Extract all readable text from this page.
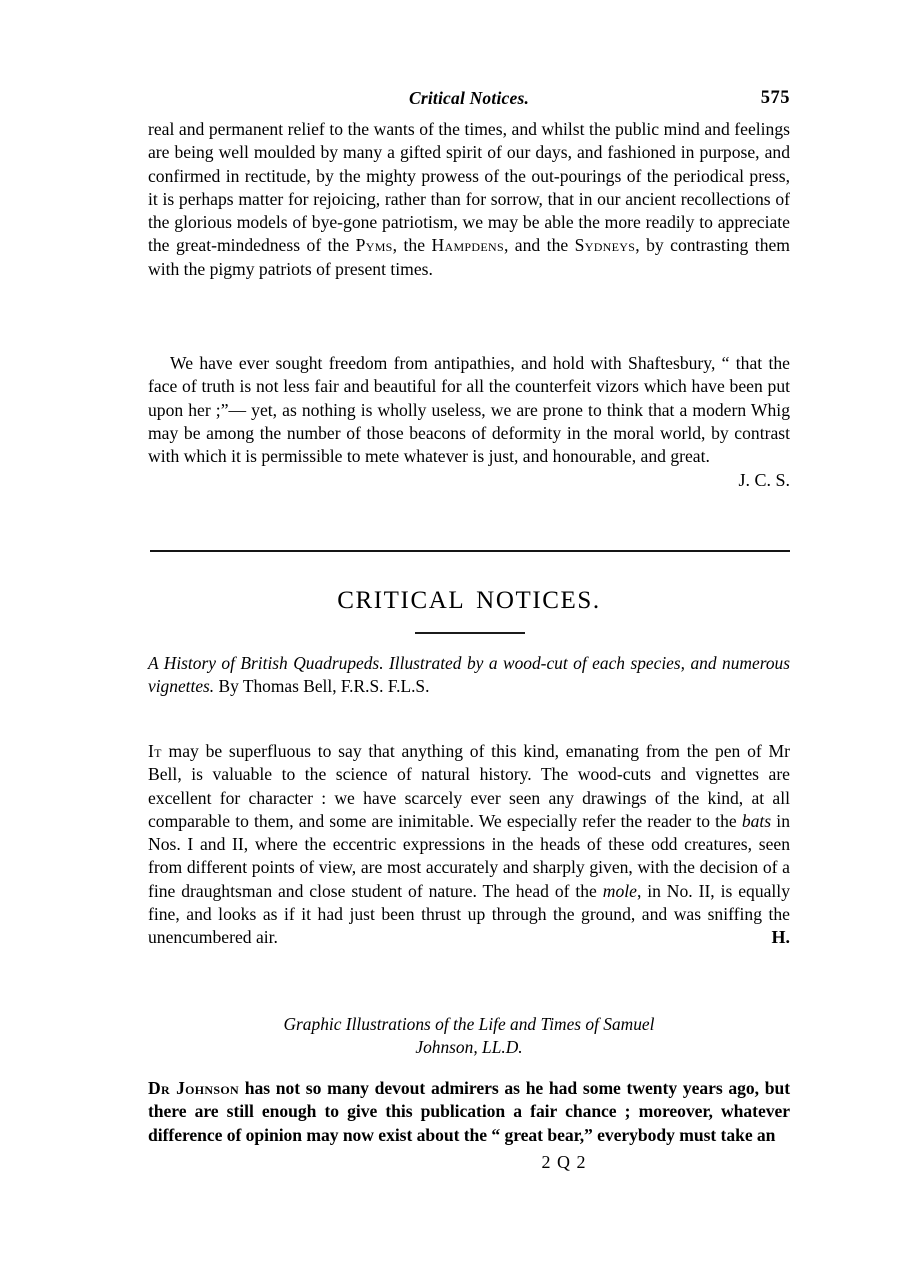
Critical Notices.	575

real and permanent relief to the wants of the times, and whilst the public mind and feelings are being well moulded by many a gifted spirit of our days, and fashioned in purpose, and confirmed in rectitude, by the mighty prowess of the out-pourings of the periodical press, it is perhaps matter for rejoicing, rather than for sorrow, that in our ancient recollections of the glorious models of bye-gone patriotism, we may be able the more readily to appreciate the great-mindedness of the Pyms, the Hampdens, and the Sydneys, by contrasting them with the pigmy patriots of present times.

We have ever sought freedom from antipathies, and hold with Shaftesbury, “ that the face of truth is not less fair and beautiful for all the counterfeit vizors which have been put upon her ;”— yet, as nothing is wholly useless, we are prone to think that a modern Whig may be among the number of those beacons of deformity in the moral world, by contrast with which it is permissible to mete whatever is just, and honourable, and great.

J. C. S.
CRITICAL NOTICES.
A History of British Quadrupeds. Illustrated by a wood-cut of each species, and numerous vignettes. By Thomas Bell, F.R.S. F.L.S.

It may be superfluous to say that anything of this kind, emanating from the pen of Mr Bell, is valuable to the science of natural history. The wood-cuts and vignettes are excellent for character : we have scarcely ever seen any drawings of the kind, at all comparable to them, and some are inimitable. We especially refer the reader to the bats in Nos. I and II, where the eccentric expressions in the heads of these odd creatures, seen from different points of view, are most accurately and sharply given, with the decision of a fine draughtsman and close student of nature. The head of the mole, in No. II, is equally fine, and looks as if it had just been thrust up through the ground, and was sniffing the unencumbered air.	H.

Graphic Illustrations of the Life and Times of Samuel
Johnson, LL.D.

Dr Johnson has not so many devout admirers as he had some twenty years ago, but there are still enough to give this publication a fair chance ; moreover, whatever difference of opinion may now exist about the “ great bear,” everybody must take an

2 Q 2
